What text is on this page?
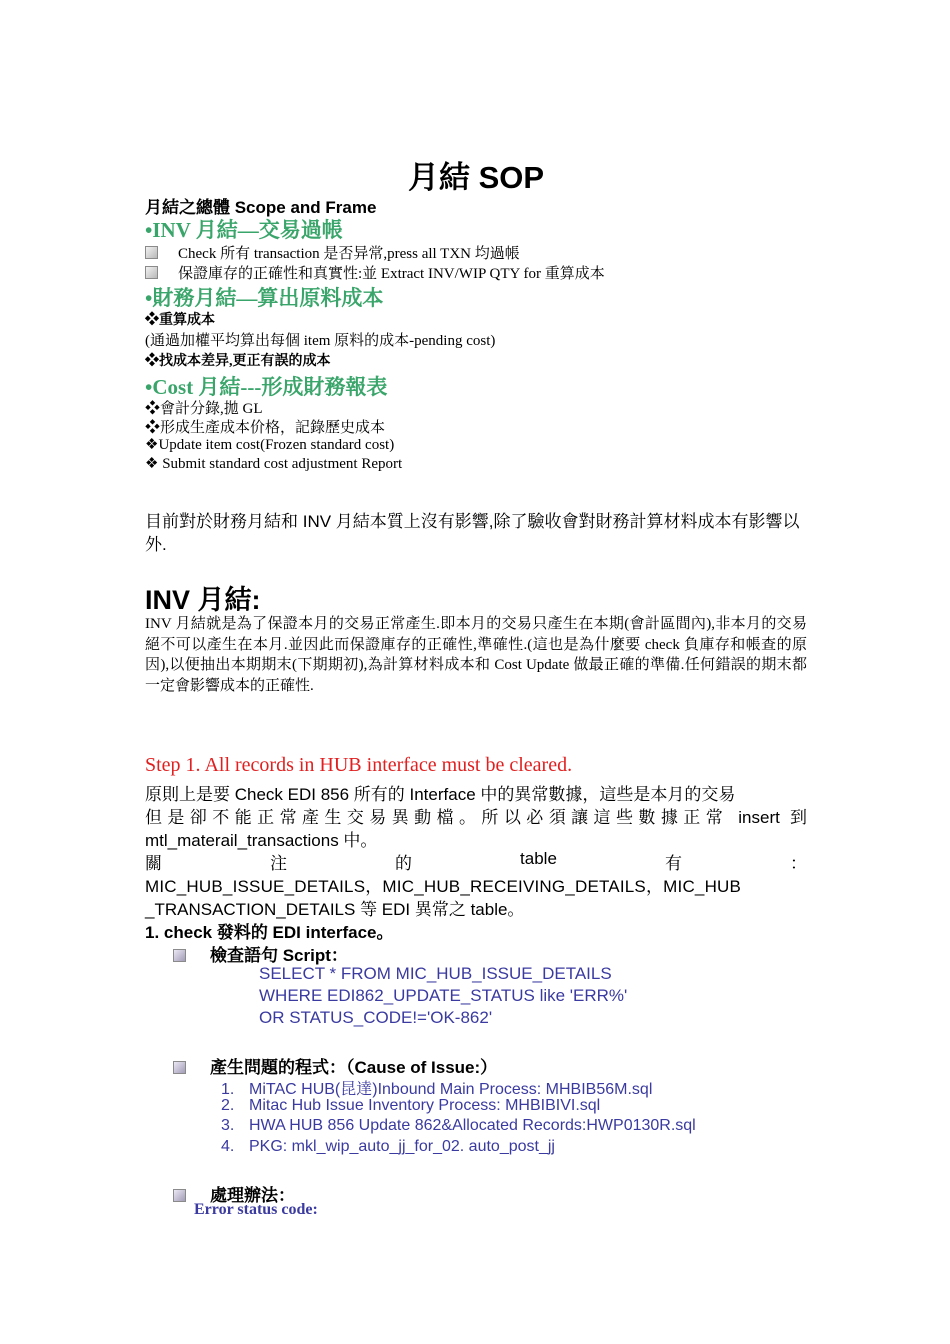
月結 SOP
月結之總體 Scope and Frame
•INV 月結—交易過帳
Check 所有 transaction 是否异常,press all TXN 均過帳
保證庫存的正確性和真實性:並 Extract INV/WIP QTY for 重算成本
•財務月結—算出原料成本
❖重算成本
(通過加權平均算出每個 item 原料的成本-pending cost)
❖找成本差异,更正有誤的成本
•Cost 月結---形成財務報表
❖會計分錄,拋 GL
❖形成生產成本价格，記錄歷史成本
❖Update item cost(Frozen standard cost)
❖ Submit standard cost adjustment Report
目前對於財務月結和 INV 月結本質上沒有影響,除了驗收會對財務計算材料成本有影響以外.
INV 月結:
INV 月結就是為了保證本月的交易正常產生.即本月的交易只產生在本期(會計區間內),非本月的交易絕不可以產生在本月.並因此而保證庫存的正確性,準確性.(這也是為什麼要 check 負庫存和帳查的原因),以便抽出本期期末(下期期初),為計算材料成本和 Cost Update 做最正確的準備.任何錯誤的期末都一定會影響成本的正確性.
Step 1. All records in HUB interface must be cleared.
原則上是要 Check EDI 856 所有的 Interface 中的異常數據，這些是本月的交易
但是卻不能正常產生交易異動檔。所以必須讓這些數據正常 insert 到
mtl_materail_transactions 中。
關	注	的	table	有	：
MIC_HUB_ISSUE_DETAILS，MIC_HUB_RECEIVING_DETAILS，MIC_HUB
_TRANSACTION_DETAILS 等 EDI 異常之 table。
1. check 發料的 EDI interface。
檢查語句 Script：
SELECT * FROM MIC_HUB_ISSUE_DETAILS
WHERE EDI862_UPDATE_STATUS like 'ERR%'
OR STATUS_CODE!='OK-862'
產生問題的程式：（Cause of Issue:）
1. MiTAC HUB(昆達)Inbound Main Process: MHBIB56M.sql
2. Mitac Hub Issue Inventory Process: MHBIBIVI.sql
3. HWA HUB 856 Update 862&Allocated Records:HWP0130R.sql
4. PKG: mkl_wip_auto_jj_for_02. auto_post_jj
處理辦法：
Error status code:
